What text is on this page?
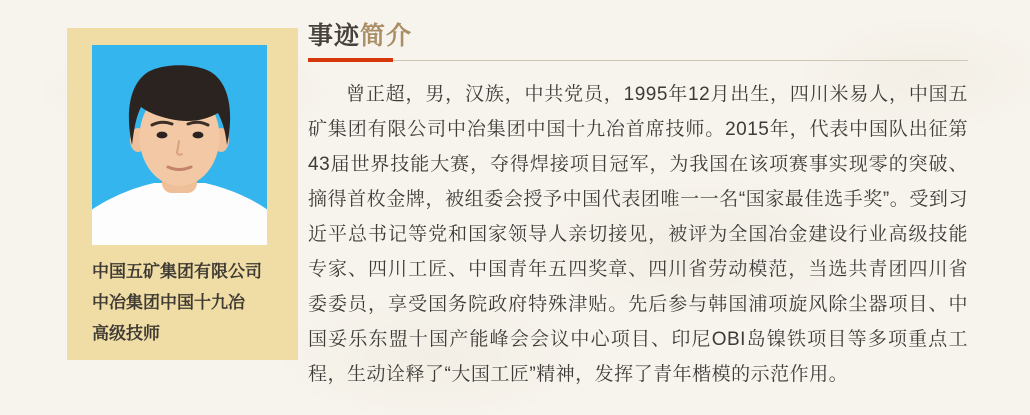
中国五矿集团有限公司
中冶集团中国十九冶
高级技师
事迹简介

曾正超，男，汉族，中共党员，1995年12月出生，四川米易人，中国五矿集团有限公司中冶集团中国十九冶首席技师。2015年，代表中国队出征第43届世界技能大赛，夺得焊接项目冠军，为我国在该项赛事实现零的突破、摘得首枚金牌，被组委会授予中国代表团唯一一名“国家最佳选手奖”。受到习近平总书记等党和国家领导人亲切接见，被评为全国冶金建设行业高级技能专家、四川工匠、中国青年五四奖章、四川省劳动模范，当选共青团四川省委委员，享受国务院政府特殊津贴。先后参与韩国浦项旋风除尘器项目、中国妥乐东盟十国产能峰会会议中心项目、印尼OBI岛镍铁项目等多项重点工程，生动诠释了“大国工匠”精神，发挥了青年楷模的示范作用。
